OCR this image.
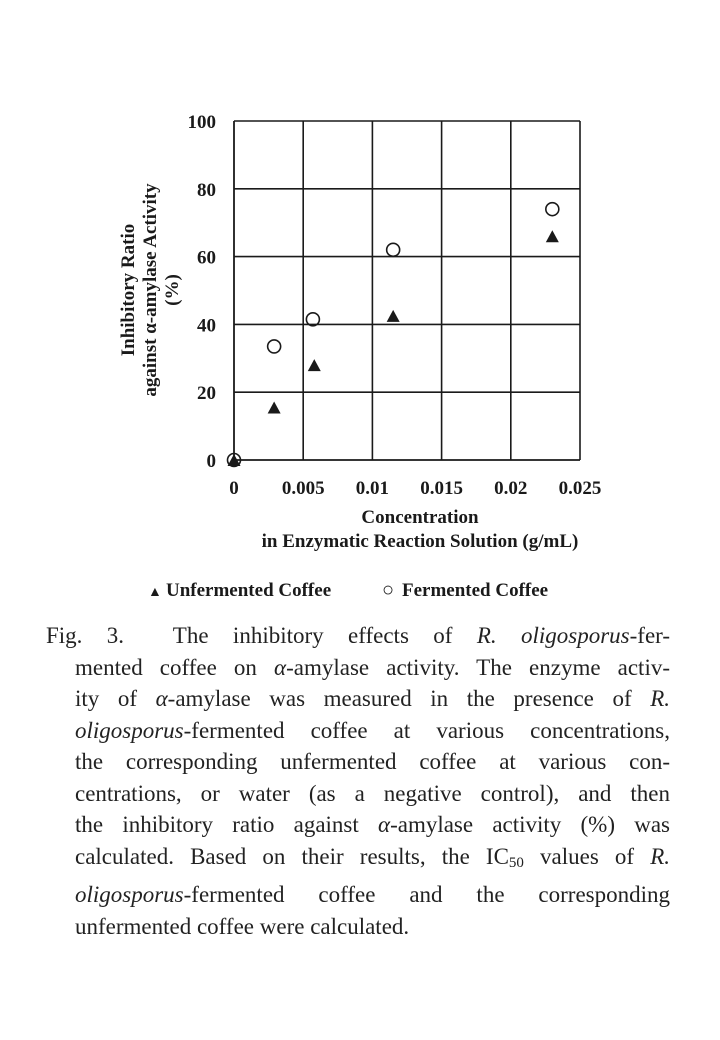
0
20
40
60
80
100
0 0.005 0.01 0.015 0.02 0.025
Inhibitory Ratio against α-amylase Activity (%)
Concentration
in Enzymatic Reaction Solution (g/mL)
▲ Unfermented Coffee	○ Fermented Coffee
Fig. 3.  The inhibitory effects of R. oligosporus-fer-
mented coffee on α-amylase activity. The enzyme activ-
ity of α-amylase was measured in the presence of R.
oligosporus-fermented coffee at various concentrations,
the corresponding unfermented coffee at various con-
centrations, or water (as a negative control), and then
the inhibitory ratio against α-amylase activity (%) was
calculated. Based on their results, the $IC_{50}$ values of R.
oligosporus-fermented coffee and the corresponding
unfermented coffee were calculated.
